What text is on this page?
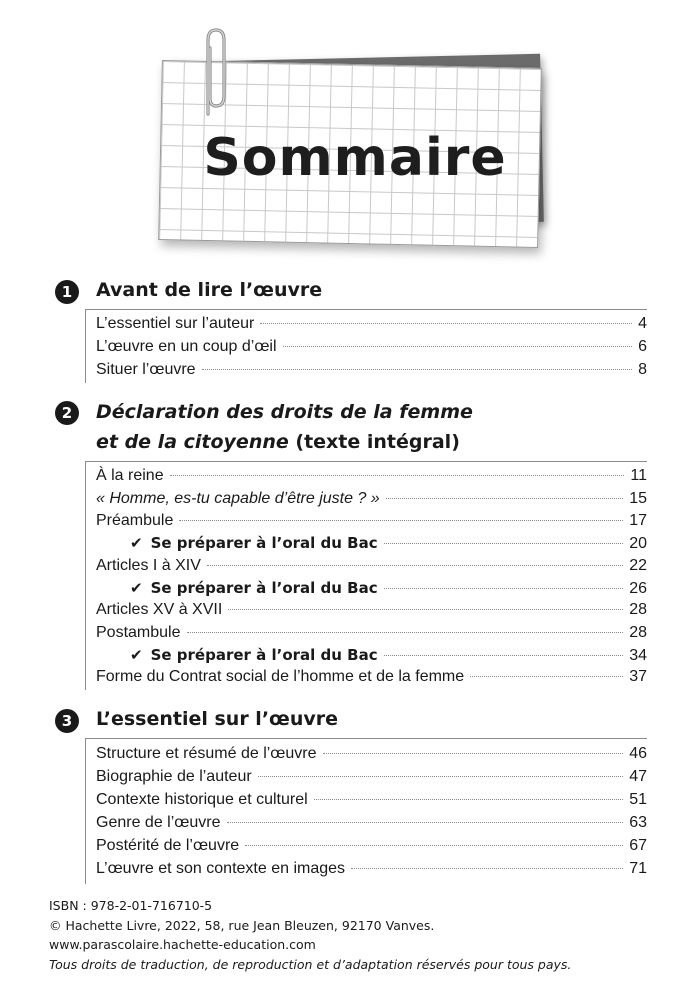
Sommaire
1	Avant de lire l’œuvre
L’essentiel sur l’auteur	4
L’œuvre en un coup d’œil	6
Situer l’œuvre	8
2	Déclaration des droits de la femme
et de la citoyenne (texte intégral)
À la reine	11
« Homme, es-tu capable d’être juste ? »	15
Préambule	17
✔ Se préparer à l’oral du Bac	20
Articles I à XIV	22
✔ Se préparer à l’oral du Bac	26
Articles XV à XVII	28
Postambule	28
✔ Se préparer à l’oral du Bac	34
Forme du Contrat social de l’homme et de la femme	37
3	L’essentiel sur l’œuvre
Structure et résumé de l’œuvre	46
Biographie de l’auteur	47
Contexte historique et culturel	51
Genre de l’œuvre	63
Postérité de l’œuvre	67
L’œuvre et son contexte en images	71
ISBN : 978-2-01-716710-5
© Hachette Livre, 2022, 58, rue Jean Bleuzen, 92170 Vanves.
www.parascolaire.hachette-education.com
Tous droits de traduction, de reproduction et d’adaptation réservés pour tous pays.
